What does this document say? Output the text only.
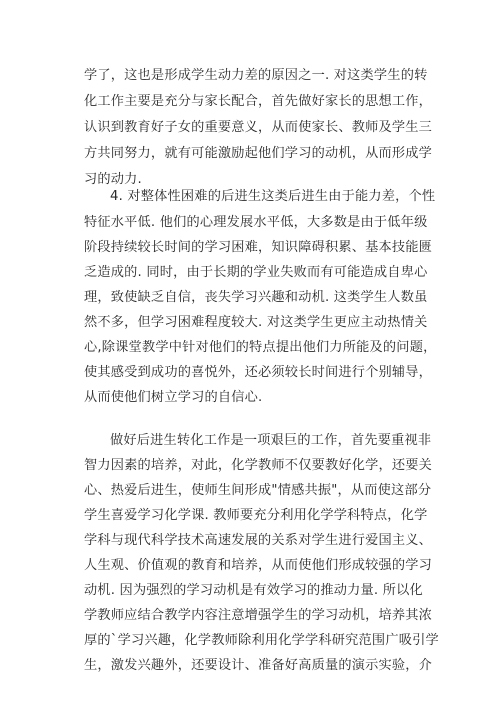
学了，这也是形成学生动力差的原因之一. 对这类学生的转
化工作主要是充分与家长配合，首先做好家长的思想工作，
认识到教育好子女的重要意义，从而使家长、教师及学生三
方共同努力，就有可能激励起他们学习的动机，从而形成学
习的动力.
4. 对整体性困难的后进生这类后进生由于能力差，个性
特征水平低. 他们的心理发展水平低，大多数是由于低年级
阶段持续较长时间的学习困难，知识障碍积累、基本技能匮
乏造成的. 同时，由于长期的学业失败而有可能造成自卑心
理，致使缺乏自信，丧失学习兴趣和动机. 这类学生人数虽
然不多，但学习困难程度较大. 对这类学生更应主动热情关
心,除课堂教学中针对他们的特点提出他们力所能及的问题，
使其感受到成功的喜悦外，还必须较长时间进行个别辅导，
从而使他们树立学习的自信心.
做好后进生转化工作是一项艰巨的工作，首先要重视非
智力因素的培养，对此，化学教师不仅要教好化学，还要关
心、热爱后进生，使师生间形成"情感共振"，从而使这部分
学生喜爱学习化学课. 教师要充分利用化学学科特点，化学
学科与现代科学技术高速发展的关系对学生进行爱国主义、
人生观、价值观的教育和培养，从而使他们形成较强的学习
动机. 因为强烈的学习动机是有效学习的推动力量. 所以化
学教师应结合教学内容注意增强学生的学习动机，培养其浓
厚的`学习兴趣，化学教师除利用化学学科研究范围广吸引学
生，激发兴趣外，还要设计、准备好高质量的演示实验，介
